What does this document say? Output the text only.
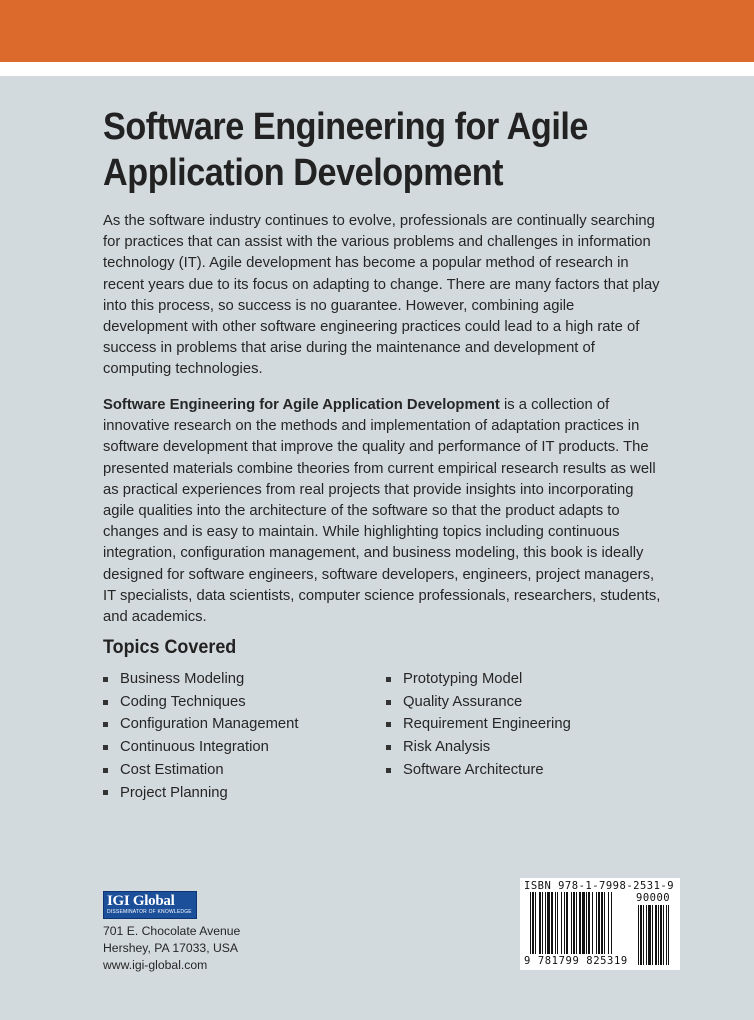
Software Engineering for Agile Application Development
As the software industry continues to evolve, professionals are continually searching for practices that can assist with the various problems and challenges in information technology (IT). Agile development has become a popular method of research in recent years due to its focus on adapting to change. There are many factors that play into this process, so success is no guarantee. However, combining agile development with other software engineering practices could lead to a high rate of success in problems that arise during the maintenance and development of computing technologies.
Software Engineering for Agile Application Development is a collection of innovative research on the methods and implementation of adaptation practices in software development that improve the quality and performance of IT products. The presented materials combine theories from current empirical research results as well as practical experiences from real projects that provide insights into incorporating agile qualities into the architecture of the software so that the product adapts to changes and is easy to maintain. While highlighting topics including continuous integration, configuration management, and business modeling, this book is ideally designed for software engineers, software developers, engineers, project managers, IT specialists, data scientists, computer science professionals, researchers, students, and academics.
Topics Covered
Business Modeling
Coding Techniques
Configuration Management
Continuous Integration
Cost Estimation
Project Planning
Prototyping Model
Quality Assurance
Requirement Engineering
Risk Analysis
Software Architecture
IGI Global
DISSEMINATOR OF KNOWLEDGE
701 E. Chocolate Avenue
Hershey, PA 17033, USA
www.igi-global.com
ISBN 978-1-7998-2531-9
90000
9 781799 825319
